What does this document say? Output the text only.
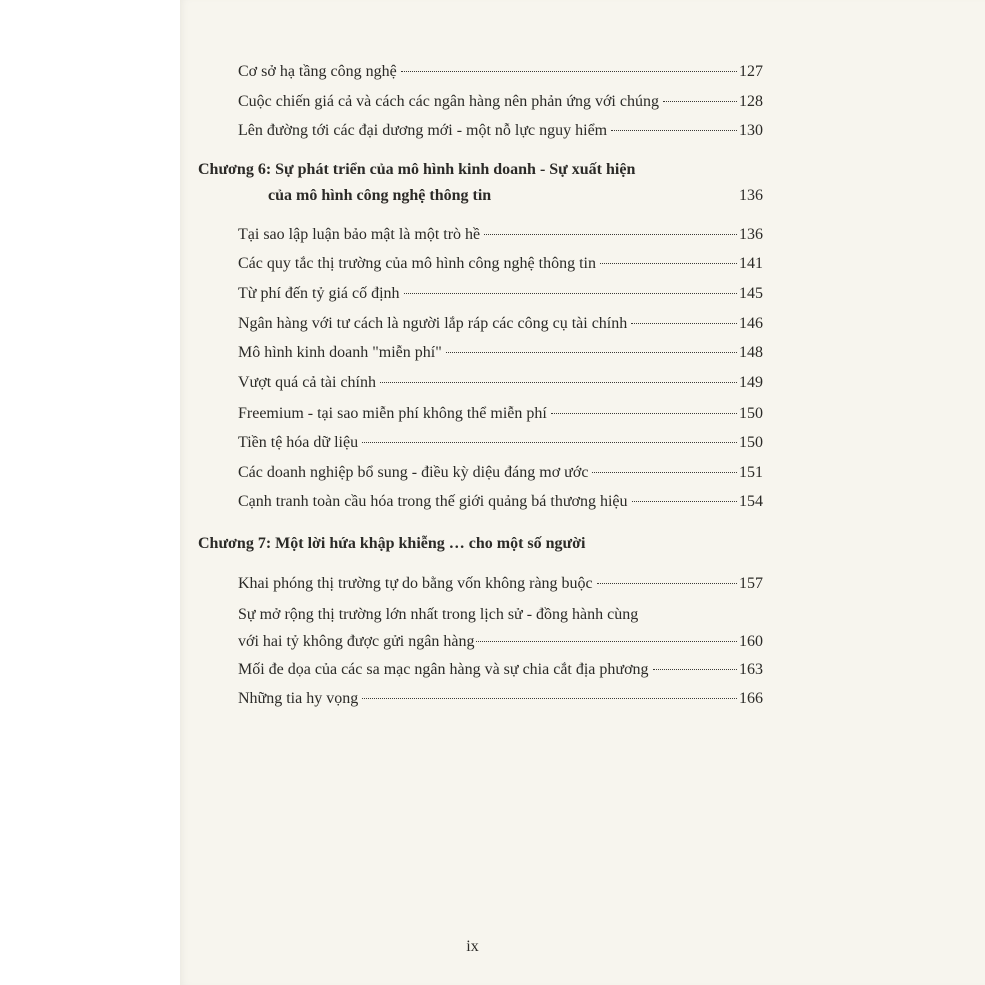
Cơ sở hạ tầng công nghệ	127
Cuộc chiến giá cả và cách các ngân hàng nên phản ứng với chúng	128
Lên đường tới các đại dương mới - một nỗ lực nguy hiểm	130
Chương 6: Sự phát triển của mô hình kinh doanh - Sự xuất hiện
của mô hình công nghệ thông tin	136
Tại sao lập luận bảo mật là một trò hề	136
Các quy tắc thị trường của mô hình công nghệ thông tin	141
Từ phí đến tỷ giá cố định	145
Ngân hàng với tư cách là người lắp ráp các công cụ tài chính	146
Mô hình kinh doanh "miễn phí"	148
Vượt quá cả tài chính	149
Freemium - tại sao miễn phí không thể miễn phí	150
Tiền tệ hóa dữ liệu	150
Các doanh nghiệp bổ sung - điều kỳ diệu đáng mơ ước	151
Cạnh tranh toàn cầu hóa trong thế giới quảng bá thương hiệu	154
Chương 7: Một lời hứa khập khiễng … cho một số người
Khai phóng thị trường tự do bằng vốn không ràng buộc	157
Sự mở rộng thị trường lớn nhất trong lịch sử - đồng hành cùng
với hai tỷ không được gửi ngân hàng	160
Mối đe dọa của các sa mạc ngân hàng và sự chia cắt địa phương	163
Những tia hy vọng	166
ix
